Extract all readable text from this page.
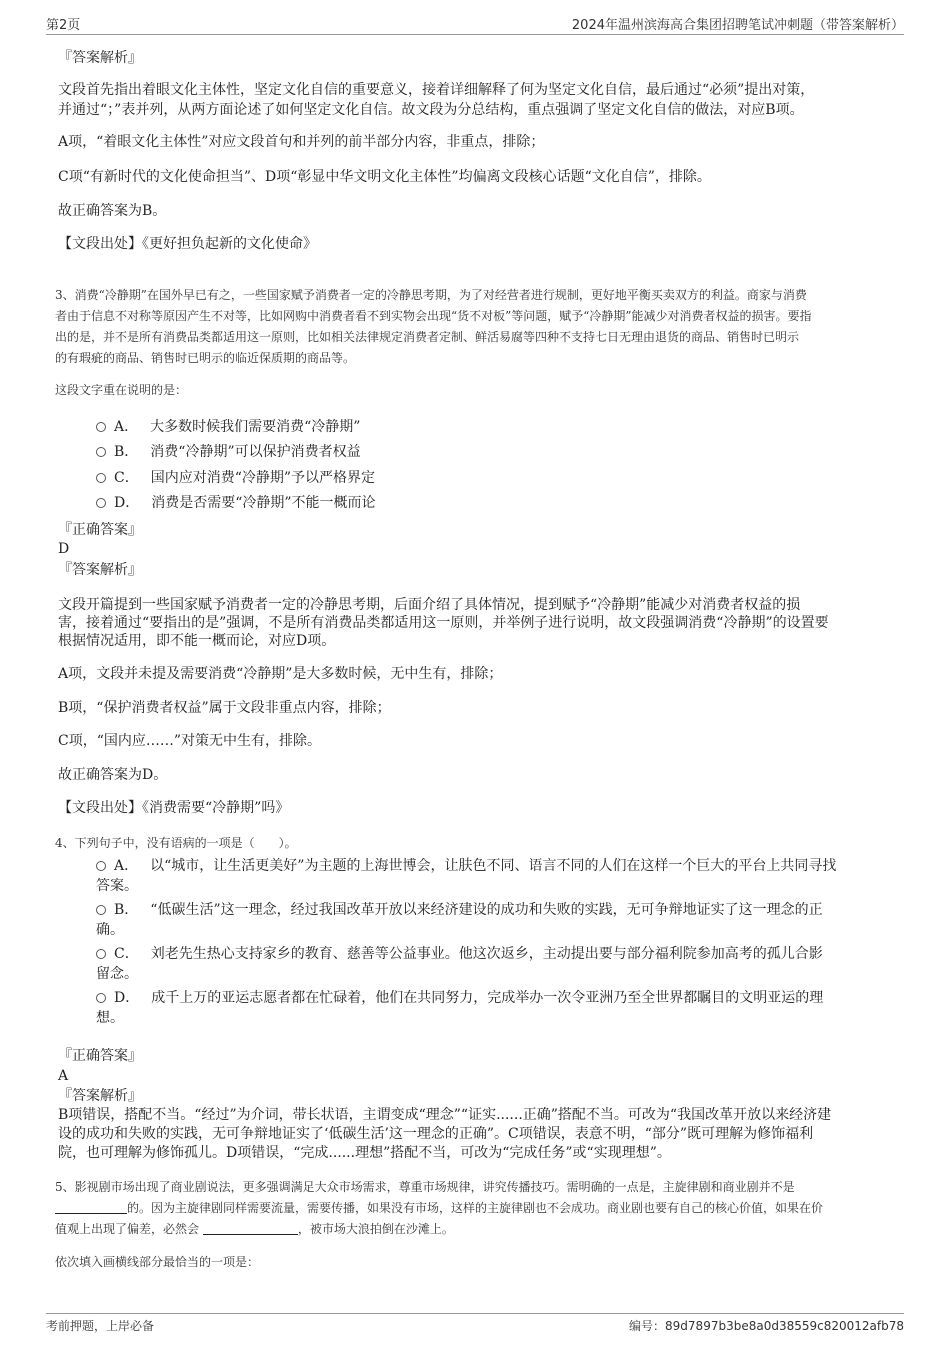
第2页	2024年温州滨海高合集团招聘笔试冲刺题（带答案解析）
『答案解析』
文段首先指出着眼文化主体性，坚定文化自信的重要意义，接着详细解释了何为坚定文化自信，最后通过“必须”提出对策，
并通过“；”表并列，从两方面论述了如何坚定文化自信。故文段为分总结构，重点强调了坚定文化自信的做法，对应B项。
A项，“着眼文化主体性”对应文段首句和并列的前半部分内容，非重点，排除；
C项“有新时代的文化使命担当”、D项“彰显中华文明文化主体性”均偏离文段核心话题“文化自信”，排除。
故正确答案为B。
【文段出处】《更好担负起新的文化使命》
3、消费“冷静期”在国外早已有之，一些国家赋予消费者一定的冷静思考期，为了对经营者进行规制，更好地平衡买卖双方的利益。商家与消费
者由于信息不对称等原因产生不对等，比如网购中消费者看不到实物会出现“货不对板”等问题，赋予“冷静期”能减少对消费者权益的损害。要指
出的是，并不是所有消费品类都适用这一原则，比如相关法律规定消费者定制、鲜活易腐等四种不支持七日无理由退货的商品、销售时已明示
的有瑕疵的商品、销售时已明示的临近保质期的商品等。
这段文字重在说明的是：
A． 大多数时候我们需要消费“冷静期”
B． 消费“冷静期”可以保护消费者权益
C． 国内应对消费“冷静期”予以严格界定
D． 消费是否需要“冷静期”不能一概而论
『正确答案』
D
『答案解析』
文段开篇提到一些国家赋予消费者一定的冷静思考期，后面介绍了具体情况，提到赋予“冷静期”能减少对消费者权益的损
害，接着通过“要指出的是”强调，不是所有消费品类都适用这一原则，并举例子进行说明，故文段强调消费“冷静期”的设置要
根据情况适用，即不能一概而论，对应D项。
A项，文段并未提及需要消费“冷静期”是大多数时候，无中生有，排除；
B项，“保护消费者权益”属于文段非重点内容，排除；
C项，“国内应……”对策无中生有，排除。
故正确答案为D。
【文段出处】《消费需要“冷静期”吗》
4、下列句子中，没有语病的一项是（　　）。
A． 以“城市，让生活更美好”为主题的上海世博会，让肤色不同、语言不同的人们在这样一个巨大的平台上共同寻找
答案。
B． “低碳生活”这一理念，经过我国改革开放以来经济建设的成功和失败的实践，无可争辩地证实了这一理念的正
确。
C． 刘老先生热心支持家乡的教育、慈善等公益事业。他这次返乡，主动提出要与部分福利院参加高考的孤儿合影
留念。
D． 成千上万的亚运志愿者都在忙碌着，他们在共同努力，完成举办一次令亚洲乃至全世界都瞩目的文明亚运的理
想。
『正确答案』
A
『答案解析』
B项错误，搭配不当。“经过”为介词，带长状语，主谓变成“理念”“证实......正确”搭配不当。可改为“我国改革开放以来经济建
设的成功和失败的实践，无可争辩地证实了‘低碳生活’这一理念的正确”。C项错误，表意不明，“部分”既可理解为修饰福利
院，也可理解为修饰孤儿。D项错误，“完成......理想”搭配不当，可改为“完成任务”或“实现理想”。
5、影视剧市场出现了商业剧说法，更多强调满足大众市场需求，尊重市场规律，讲究传播技巧。需明确的一点是，主旋律剧和商业剧并不是
的。因为主旋律剧同样需要流量，需要传播，如果没有市场，这样的主旋律剧也不会成功。商业剧也要有自己的核心价值，如果在价
值观上出现了偏差，必然会	，被市场大浪拍倒在沙滩上。
依次填入画横线部分最恰当的一项是：
考前押题，上岸必备	编号：89d7897b3be8a0d38559c820012afb78
